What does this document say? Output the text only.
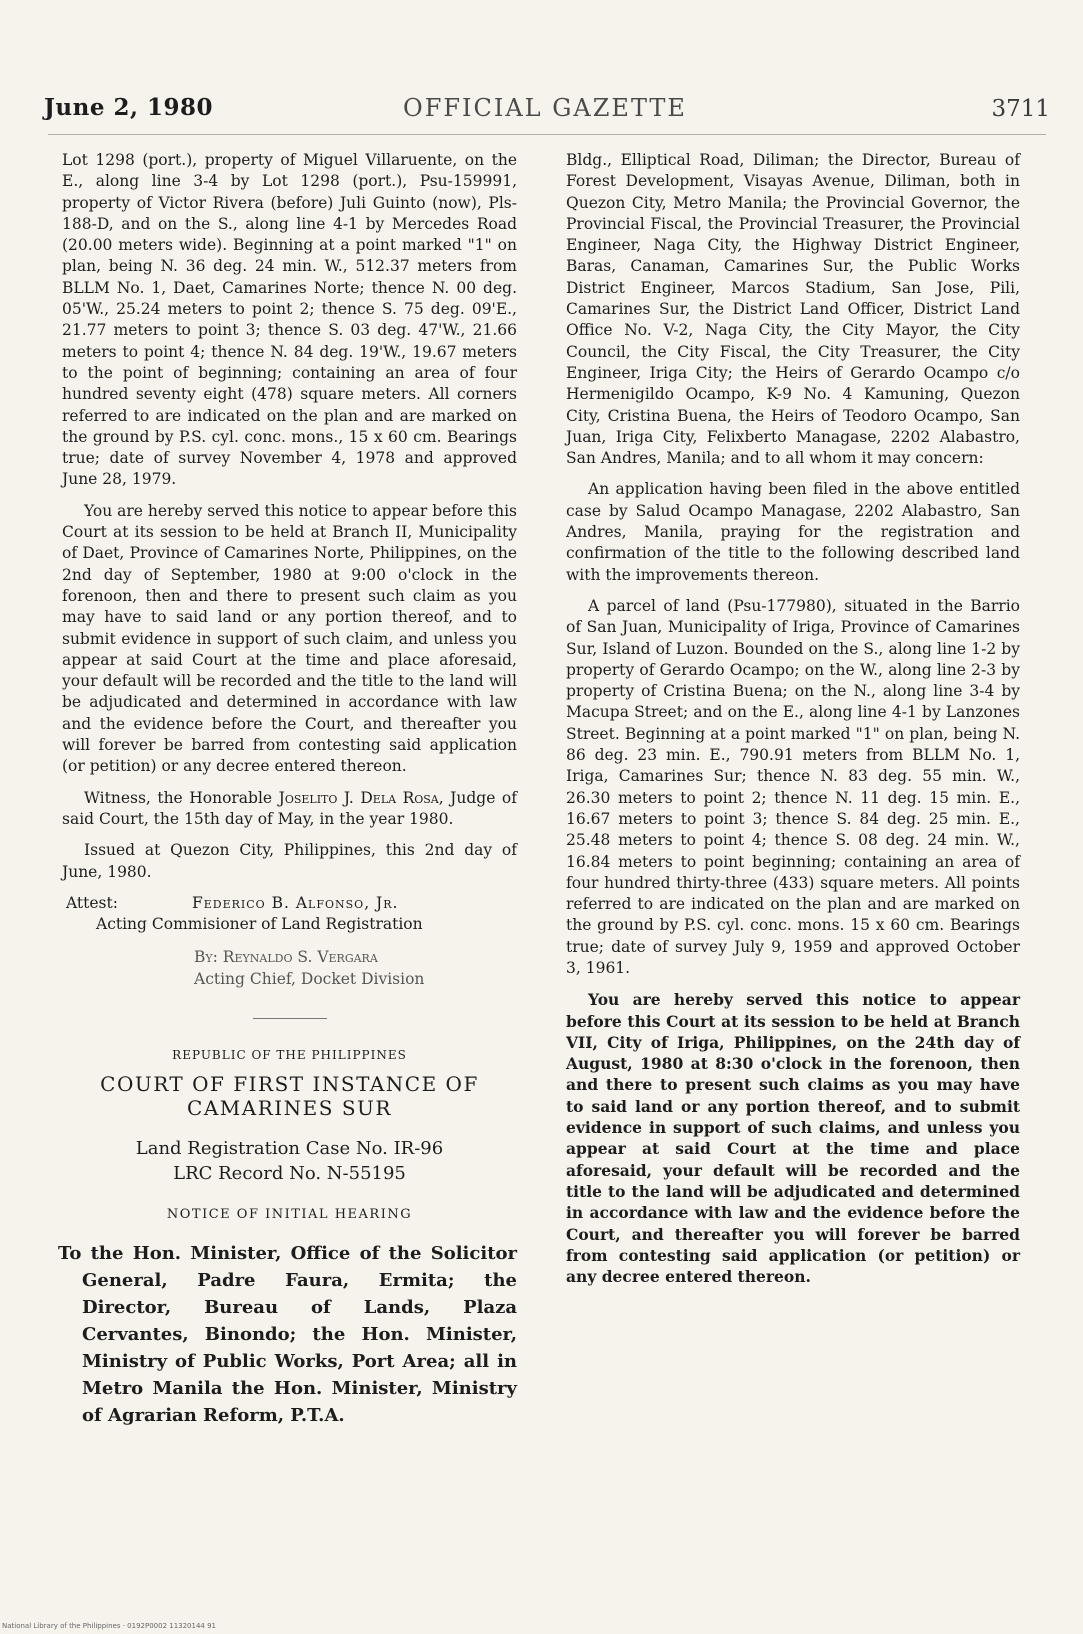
June 2, 1980	OFFICIAL GAZETTE	3711

Lot 1298 (port.), property of Miguel Villaruente, on the E., along line 3-4 by Lot 1298 (port.), Psu-159991, property of Victor Rivera (before) Juli Guinto (now), Pls-188-D, and on the S., along line 4-1 by Mercedes Road (20.00 meters wide). Beginning at a point marked "1" on plan, being N. 36 deg. 24 min. W., 512.37 meters from BLLM No. 1, Daet, Camarines Norte; thence N. 00 deg. 05'W., 25.24 meters to point 2; thence S. 75 deg. 09'E., 21.77 meters to point 3; thence S. 03 deg. 47'W., 21.66 meters to point 4; thence N. 84 deg. 19'W., 19.67 meters to the point of beginning; containing an area of four hundred seventy eight (478) square meters. All corners referred to are indicated on the plan and are marked on the ground by P.S. cyl. conc. mons., 15 x 60 cm. Bearings true; date of survey November 4, 1978 and approved June 28, 1979.

You are hereby served this notice to appear before this Court at its session to be held at Branch II, Municipality of Daet, Province of Camarines Norte, Philippines, on the 2nd day of September, 1980 at 9:00 o'clock in the forenoon, then and there to present such claim as you may have to said land or any portion thereof, and to submit evidence in support of such claim, and unless you appear at said Court at the time and place aforesaid, your default will be recorded and the title to the land will be adjudicated and determined in accordance with law and the evidence before the Court, and thereafter you will forever be barred from contesting said application (or petition) or any decree entered thereon.

Witness, the Honorable Joselito J. Dela Rosa, Judge of said Court, the 15th day of May, in the year 1980.

Issued at Quezon City, Philippines, this 2nd day of June, 1980.

Attest:	Federico B. Alfonso, Jr.
Acting Commisioner of Land Registration
By: Reynaldo S. Vergara
Acting Chief, Docket Division
REPUBLIC OF THE PHILIPPINES
COURT OF FIRST INSTANCE OF
CAMARINES SUR
Land Registration Case No. IR-96
LRC Record No. N-55195
NOTICE OF INITIAL HEARING

To the Hon. Minister, Office of the Solicitor General, Padre Faura, Ermita; the Director, Bureau of Lands, Plaza Cervantes, Binondo; the Hon. Minister, Ministry of Public Works, Port Area; all in Metro Manila the Hon. Minister, Ministry of Agrarian Reform, P.T.A.

Bldg., Elliptical Road, Diliman; the Director, Bureau of Forest Development, Visayas Avenue, Diliman, both in Quezon City, Metro Manila; the Provincial Governor, the Provincial Fiscal, the Provincial Treasurer, the Provincial Engineer, Naga City, the Highway District Engineer, Baras, Canaman, Camarines Sur, the Public Works District Engineer, Marcos Stadium, San Jose, Pili, Camarines Sur, the District Land Officer, District Land Office No. V-2, Naga City, the City Mayor, the City Council, the City Fiscal, the City Treasurer, the City Engineer, Iriga City; the Heirs of Gerardo Ocampo c/o Hermenigildo Ocampo, K-9 No. 4 Kamuning, Quezon City, Cristina Buena, the Heirs of Teodoro Ocampo, San Juan, Iriga City, Felixberto Managase, 2202 Alabastro, San Andres, Manila; and to all whom it may concern:

An application having been filed in the above entitled case by Salud Ocampo Managase, 2202 Alabastro, San Andres, Manila, praying for the registration and confirmation of the title to the following described land with the improvements thereon.

A parcel of land (Psu-177980), situated in the Barrio of San Juan, Municipality of Iriga, Province of Camarines Sur, Island of Luzon. Bounded on the S., along line 1-2 by property of Gerardo Ocampo; on the W., along line 2-3 by property of Cristina Buena; on the N., along line 3-4 by Macupa Street; and on the E., along line 4-1 by Lanzones Street. Beginning at a point marked "1" on plan, being N. 86 deg. 23 min. E., 790.91 meters from BLLM No. 1, Iriga, Camarines Sur; thence N. 83 deg. 55 min. W., 26.30 meters to point 2; thence N. 11 deg. 15 min. E., 16.67 meters to point 3; thence S. 84 deg. 25 min. E., 25.48 meters to point 4; thence S. 08 deg. 24 min. W., 16.84 meters to point beginning; containing an area of four hundred thirty-three (433) square meters. All points referred to are indicated on the plan and are marked on the ground by P.S. cyl. conc. mons. 15 x 60 cm. Bearings true; date of survey July 9, 1959 and approved October 3, 1961.

You are hereby served this notice to appear before this Court at its session to be held at Branch VII, City of Iriga, Philippines, on the 24th day of August, 1980 at 8:30 o'clock in the forenoon, then and there to present such claims as you may have to said land or any portion thereof, and to submit evidence in support of such claims, and unless you appear at said Court at the time and place aforesaid, your default will be recorded and the title to the land will be adjudicated and determined in accordance with law and the evidence before the Court, and thereafter you will forever be barred from contesting said application (or petition) or any decree entered thereon.

National Library of the Philippines · 0192P0002 11320144 91
